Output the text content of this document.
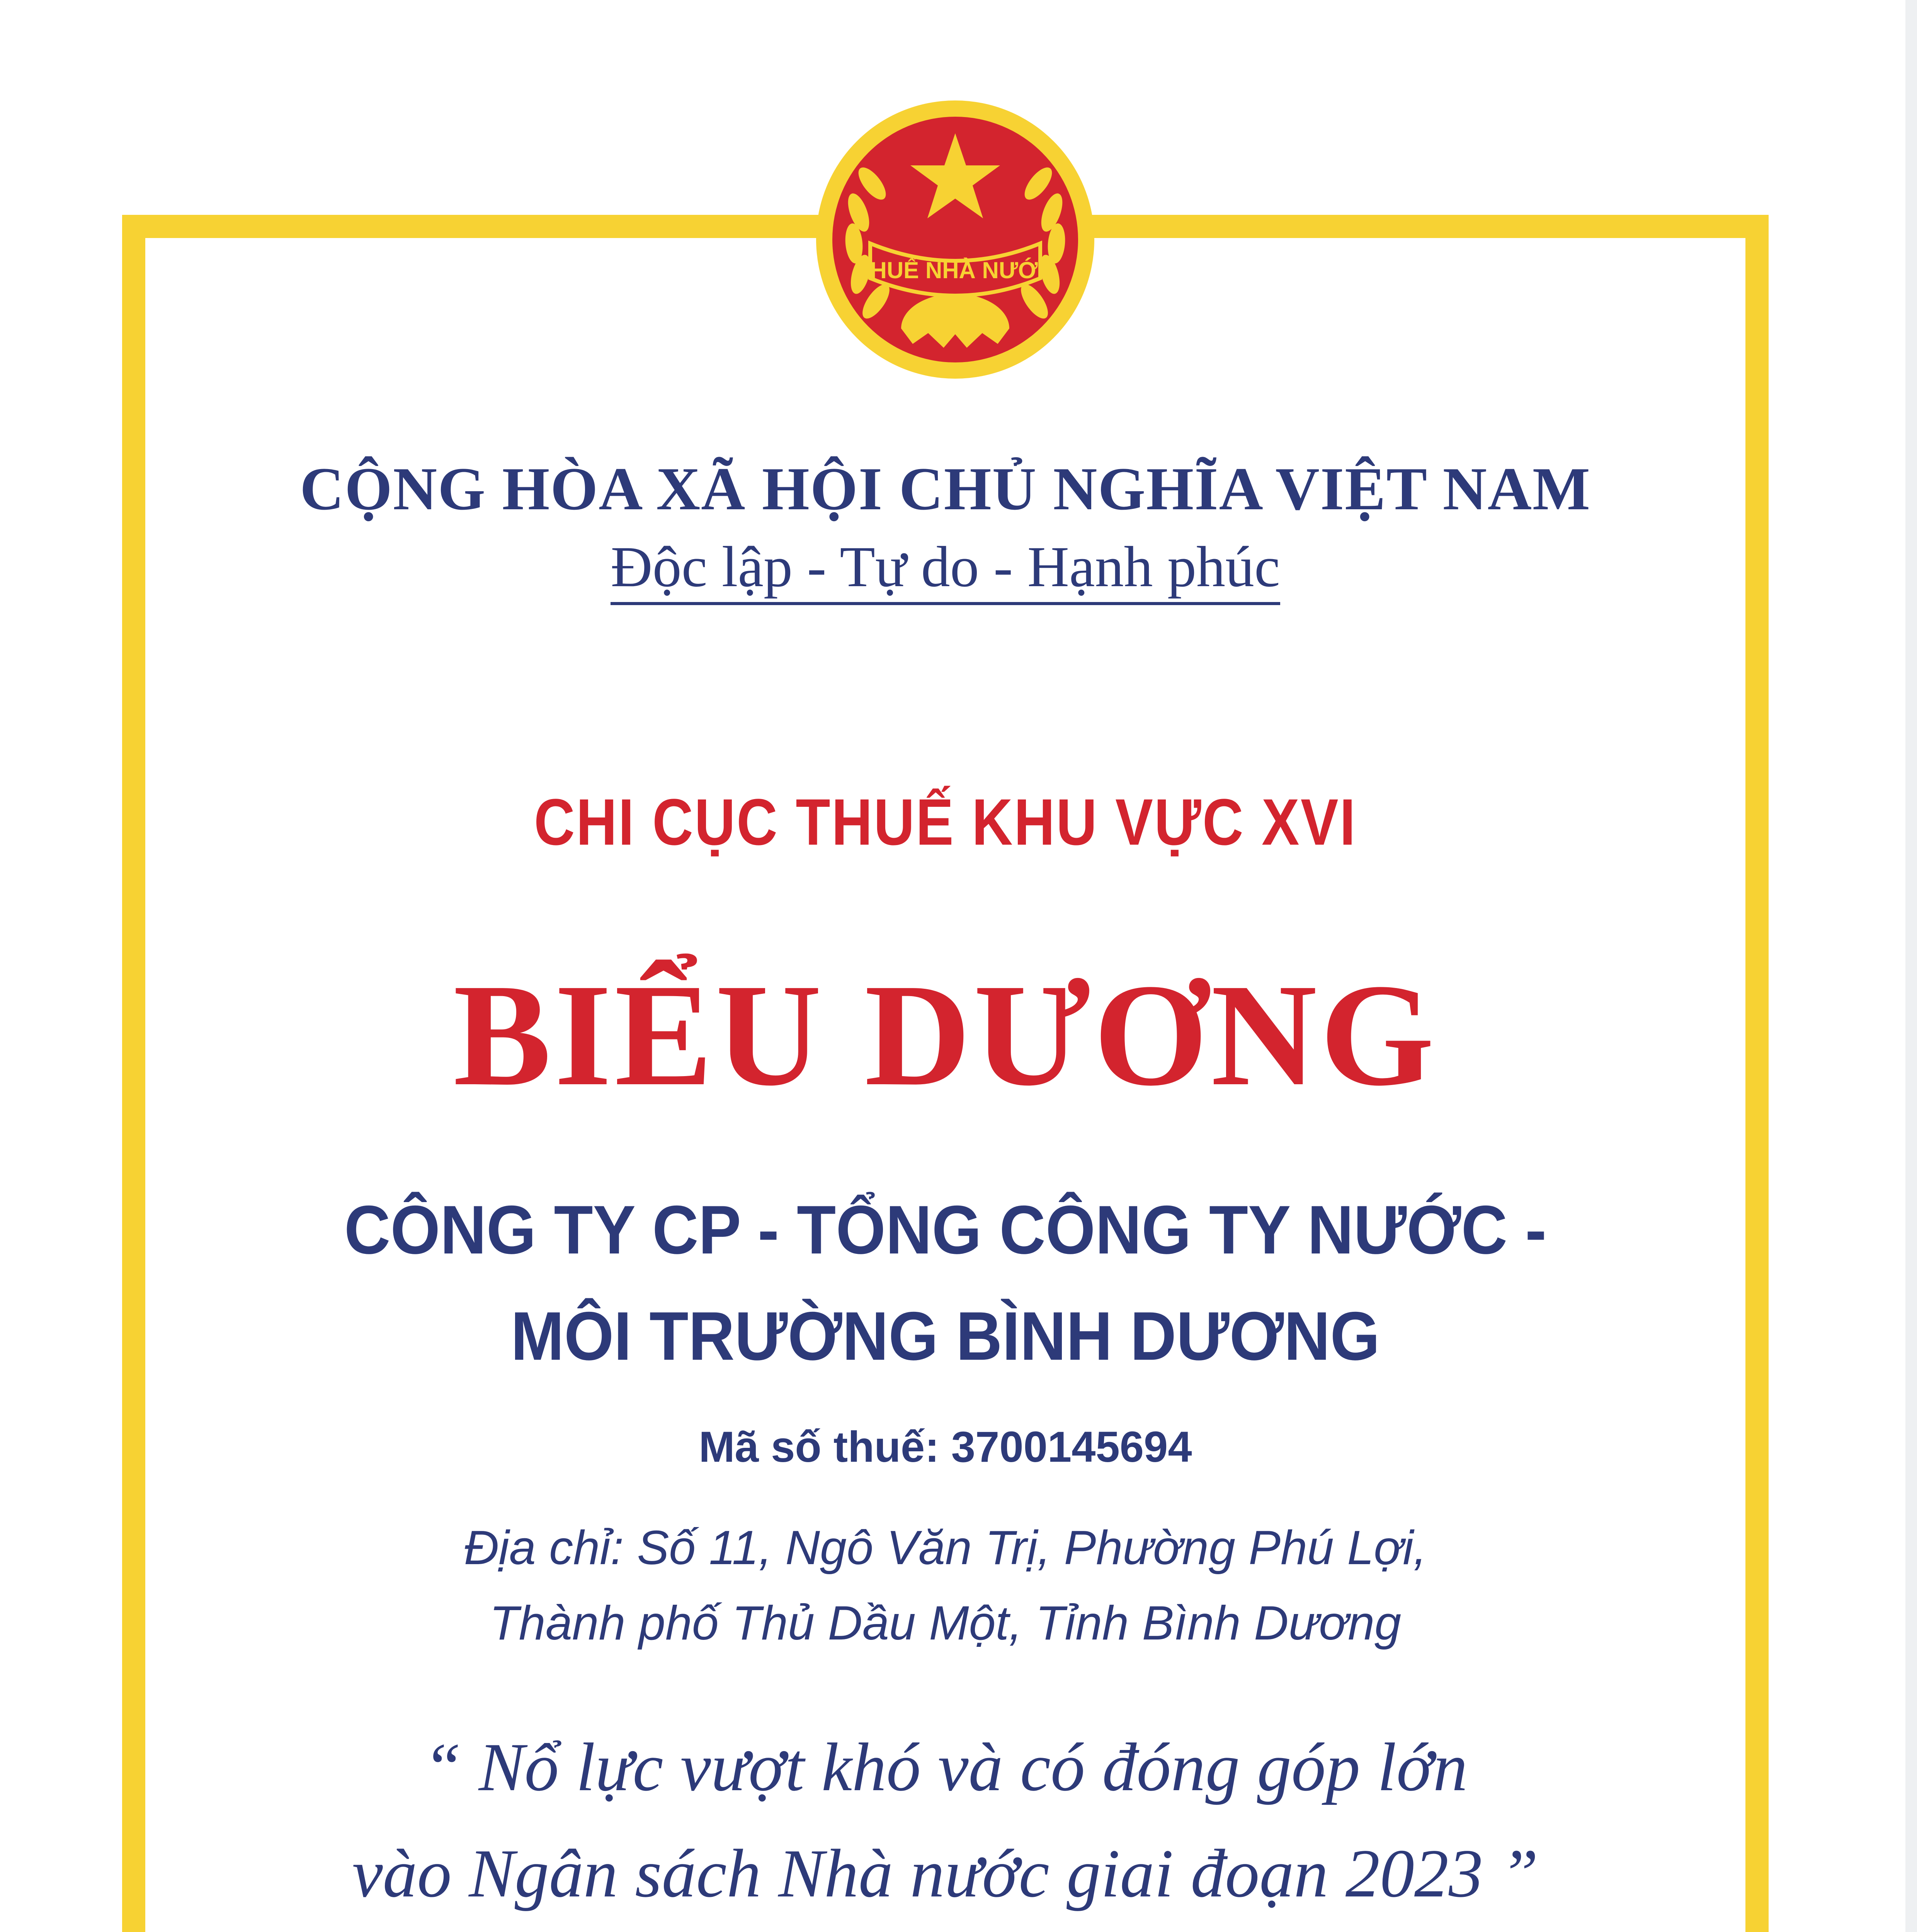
THUẾ NHÀ NƯỚC

CỘNG HÒA XÃ HỘI CHỦ NGHĨA VIỆT NAM

Độc lập - Tự do - Hạnh phúc

CHI CỤC THUẾ KHU VỰC XVI

BIỂU DƯƠNG

CÔNG TY CP - TỔNG CÔNG TY NƯỚC -

MÔI TRƯỜNG BÌNH DƯƠNG

Mã số thuế: 3700145694

Địa chỉ: Số 11, Ngô Văn Trị, Phường Phú Lợi,

Thành phố Thủ Dầu Một, Tỉnh Bình Dương

“ Nổ lực vượt khó và có đóng góp lớn

vào Ngân sách Nhà nước giai đoạn 2023 ”
